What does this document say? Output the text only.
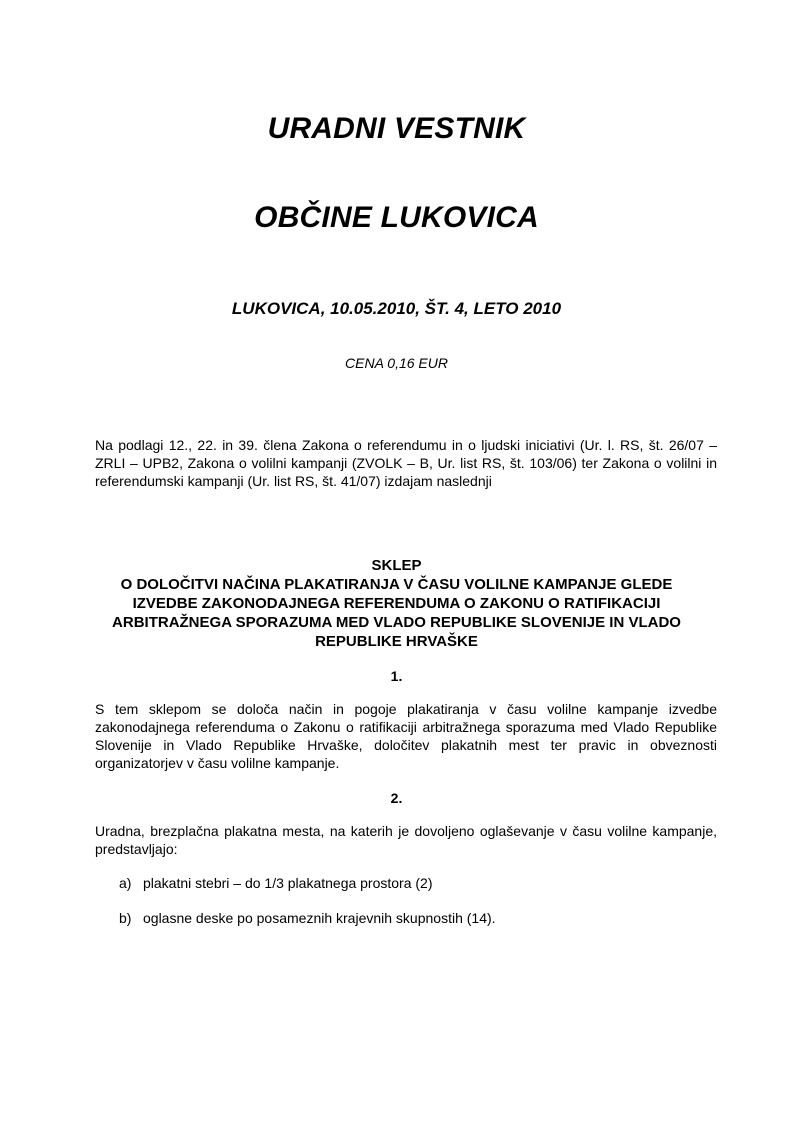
URADNI VESTNIK
OBČINE LUKOVICA
LUKOVICA, 10.05.2010, ŠT. 4, LETO 2010
CENA 0,16 EUR
Na podlagi 12., 22. in 39. člena Zakona o referendumu in o ljudski iniciativi (Ur. l. RS, št. 26/07 – ZRLI – UPB2, Zakona o volilni kampanji (ZVOLK – B, Ur. list RS, št. 103/06) ter Zakona o volilni in referendumski kampanji (Ur. list RS, št. 41/07) izdajam naslednji
SKLEP
O DOLOČITVI NAČINA PLAKATIRANJA V ČASU VOLILNE KAMPANJE GLEDE
IZVEDBE ZAKONODAJNEGA REFERENDUMA O ZAKONU O RATIFIKACIJI
ARBITRAŽNEGA SPORAZUMA MED VLADO REPUBLIKE SLOVENIJE IN VLADO
REPUBLIKE HRVAŠKE
1.
S tem sklepom se določa način in pogoje plakatiranja v času volilne kampanje izvedbe zakonodajnega referenduma o Zakonu o ratifikaciji arbitražnega sporazuma med Vlado Republike Slovenije in Vlado Republike Hrvaške, določitev plakatnih mest ter pravic in obveznosti organizatorjev v času volilne kampanje.
2.
Uradna, brezplačna plakatna mesta, na katerih je dovoljeno oglaševanje v času volilne kampanje, predstavljajo:
a) plakatni stebri – do 1/3 plakatnega prostora (2)
b) oglasne deske po posameznih krajevnih skupnostih (14).
